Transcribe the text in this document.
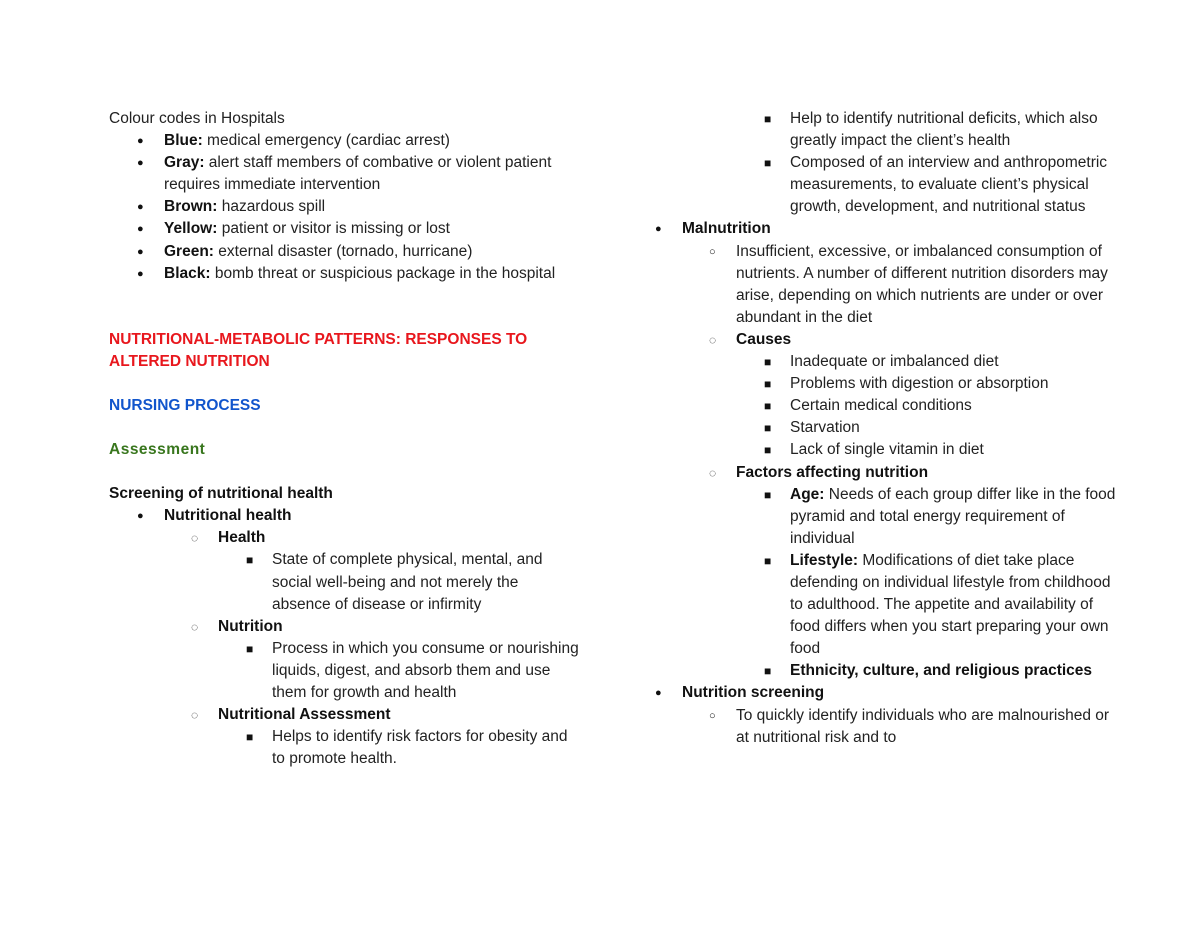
Colour codes in Hospitals
● Blue: medical emergency (cardiac arrest)
● Gray: alert staff members of combative or violent patient requires immediate intervention
● Brown: hazardous spill
● Yellow: patient or visitor is missing or lost
● Green: external disaster (tornado, hurricane)
● Black: bomb threat or suspicious package in the hospital
NUTRITIONAL-METABOLIC PATTERNS: RESPONSES TO ALTERED NUTRITION
NURSING PROCESS
Assessment
Screening of nutritional health
● Nutritional health
◌ Health
■ State of complete physical, mental, and social well-being and not merely the absence of disease or infirmity
◌ Nutrition
■ Process in which you consume or nourishing liquids, digest, and absorb them and use them for growth and health
◌ Nutritional Assessment
■ Helps to identify risk factors for obesity and to promote health.
■ Help to identify nutritional deficits, which also greatly impact the client’s health
■ Composed of an interview and anthropometric measurements, to evaluate client’s physical growth, development, and nutritional status
● Malnutrition
○ Insufficient, excessive, or imbalanced consumption of nutrients. A number of different nutrition disorders may arise, depending on which nutrients are under or over abundant in the diet
◌ Causes
■ Inadequate or imbalanced diet
■ Problems with digestion or absorption
■ Certain medical conditions
■ Starvation
■ Lack of single vitamin in diet
◌ Factors affecting nutrition
■ Age: Needs of each group differ like in the food pyramid and total energy requirement of individual
■ Lifestyle: Modifications of diet take place defending on individual lifestyle from childhood to adulthood. The appetite and availability of food differs when you start preparing your own food
■ Ethnicity, culture, and religious practices
● Nutrition screening
○ To quickly identify individuals who are malnourished or at nutritional risk and to
